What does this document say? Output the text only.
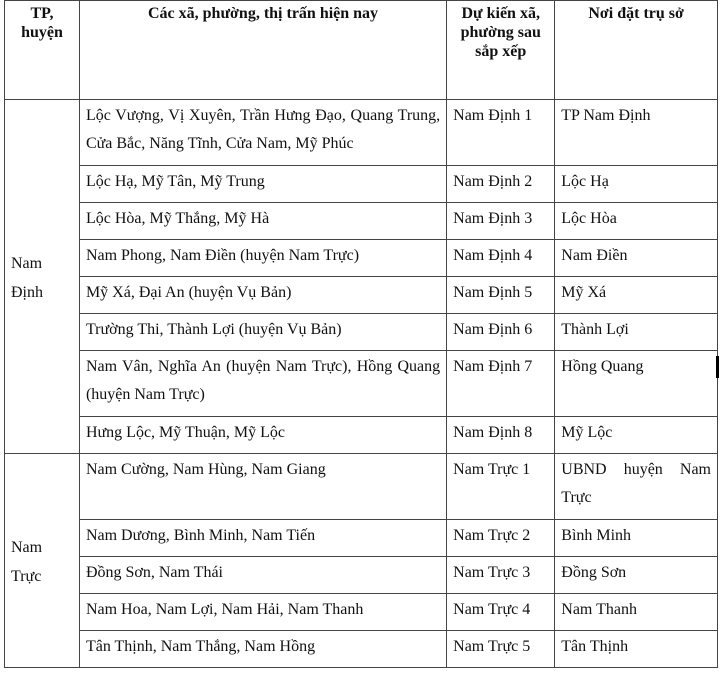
TP, huyện	Các xã, phường, thị trấn hiện nay	Dự kiến xã, phường sau sắp xếp	Nơi đặt trụ sở
Nam Định	Lộc Vượng, Vị Xuyên, Trần Hưng Đạo, Quang Trung, Cửa Bắc, Năng Tĩnh, Cửa Nam, Mỹ Phúc	Nam Định 1	TP Nam Định
	Lộc Hạ, Mỹ Tân, Mỹ Trung	Nam Định 2	Lộc Hạ
	Lộc Hòa, Mỹ Thắng, Mỹ Hà	Nam Định 3	Lộc Hòa
	Nam Phong, Nam Điền (huyện Nam Trực)	Nam Định 4	Nam Điền
	Mỹ Xá, Đại An (huyện Vụ Bản)	Nam Định 5	Mỹ Xá
	Trường Thi, Thành Lợi (huyện Vụ Bản)	Nam Định 6	Thành Lợi
	Nam Vân, Nghĩa An (huyện Nam Trực), Hồng Quang (huyện Nam Trực)	Nam Định 7	Hồng Quang
	Hưng Lộc, Mỹ Thuận, Mỹ Lộc	Nam Định 8	Mỹ Lộc
Nam Trực	Nam Cường, Nam Hùng, Nam Giang	Nam Trực 1	UBND huyện Nam Trực
	Nam Dương, Bình Minh, Nam Tiến	Nam Trực 2	Bình Minh
	Đồng Sơn, Nam Thái	Nam Trực 3	Đồng Sơn
	Nam Hoa, Nam Lợi, Nam Hải, Nam Thanh	Nam Trực 4	Nam Thanh
	Tân Thịnh, Nam Thắng, Nam Hồng	Nam Trực 5	Tân Thịnh
